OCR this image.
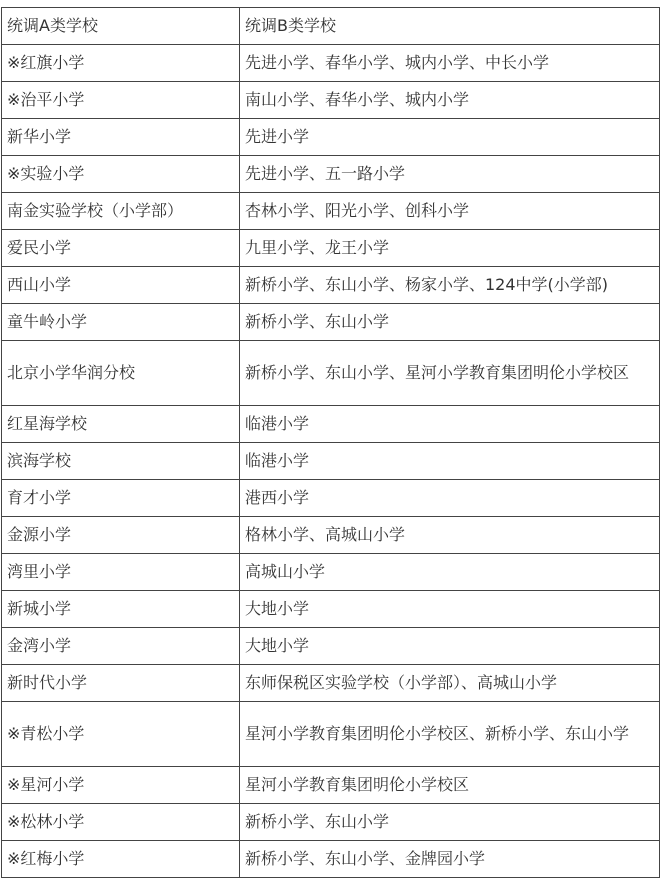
统调A类学校	统调B类学校
※红旗小学	先进小学、春华小学、城内小学、中长小学
※治平小学	南山小学、春华小学、城内小学
新华小学	先进小学
※实验小学	先进小学、五一路小学
南金实验学校（小学部）	杏林小学、阳光小学、创科小学
爱民小学	九里小学、龙王小学
西山小学	新桥小学、东山小学、杨家小学、124中学(小学部)
童牛岭小学	新桥小学、东山小学
北京小学华润分校	新桥小学、东山小学、星河小学教育集团明伦小学校区
红星海学校	临港小学
滨海学校	临港小学
育才小学	港西小学
金源小学	格林小学、高城山小学
湾里小学	高城山小学
新城小学	大地小学
金湾小学	大地小学
新时代小学	东师保税区实验学校（小学部）、高城山小学
※青松小学	星河小学教育集团明伦小学校区、新桥小学、东山小学
※星河小学	星河小学教育集团明伦小学校区
※松林小学	新桥小学、东山小学
※红梅小学	新桥小学、东山小学、金牌园小学
